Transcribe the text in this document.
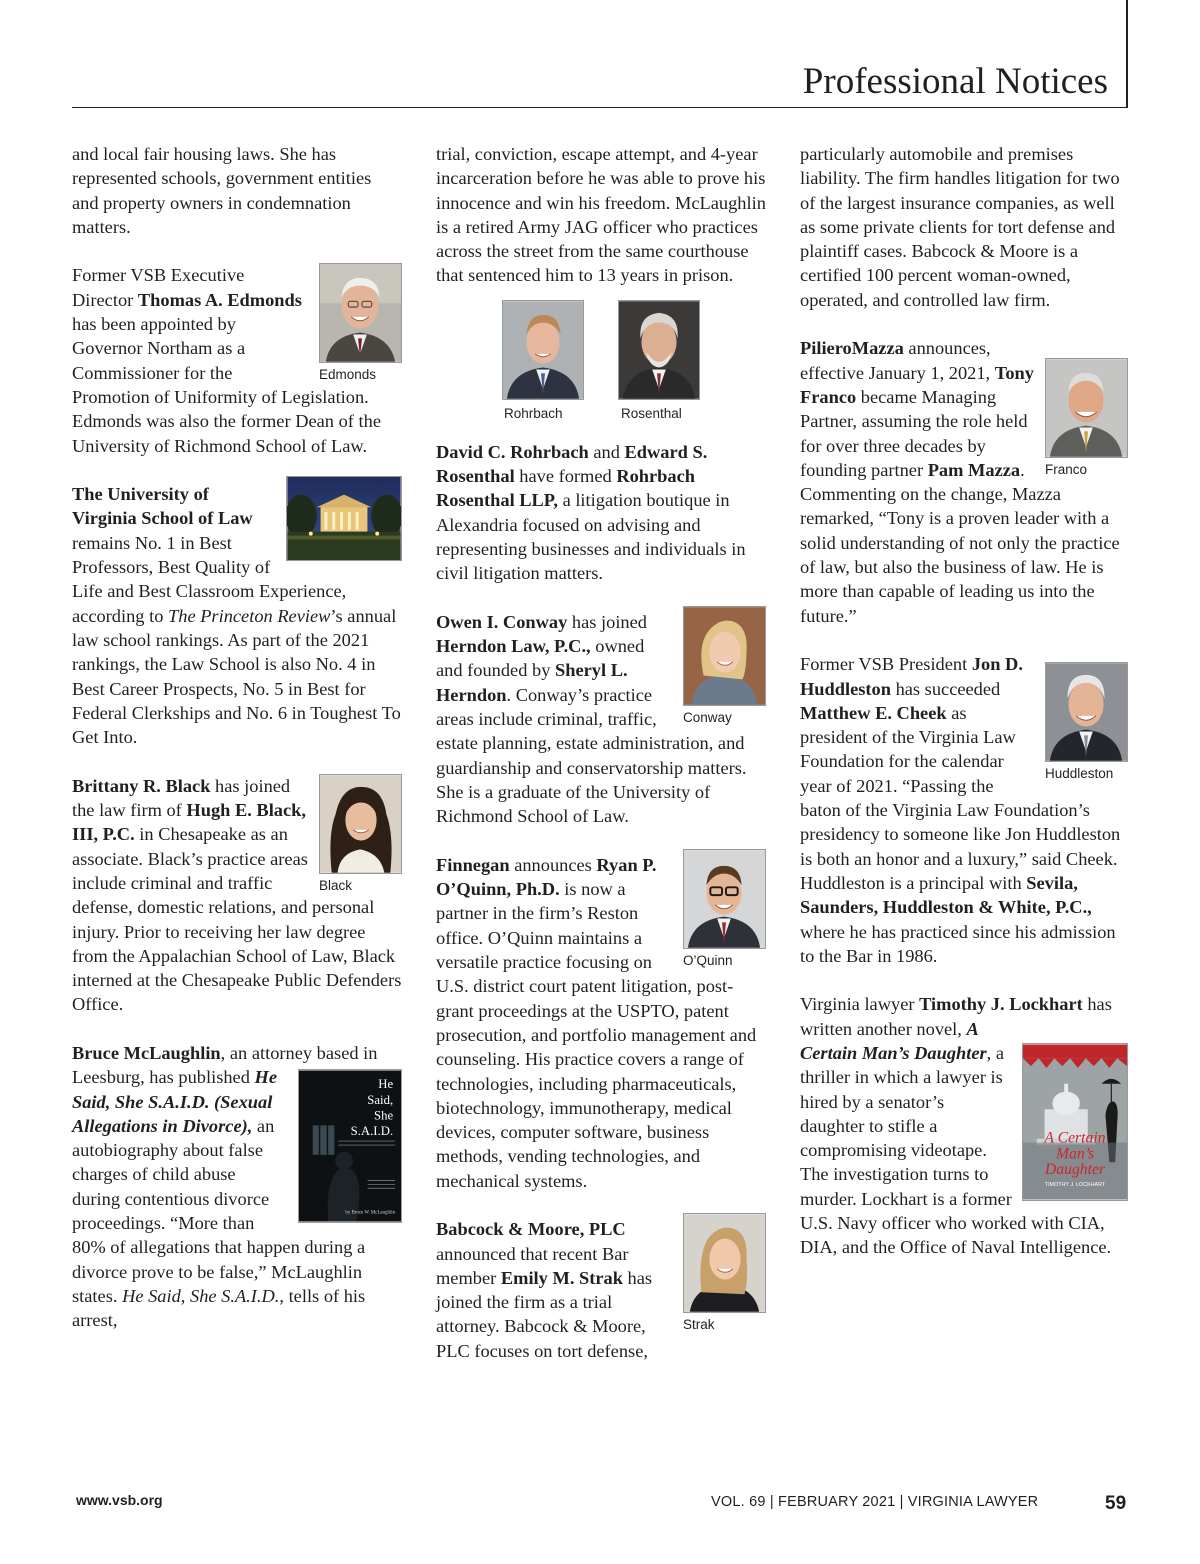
Professional Notices

and local fair housing laws. She has represented schools, government entities and property owners in condemnation matters.

Edmonds
Former VSB Executive Director Thomas A. Edmonds has been appointed by Governor Northam as a Commissioner for the Promotion of Uniformity of Legislation. Edmonds was also the former Dean of the University of Richmond School of Law.

The University of Virginia School of Law remains No. 1 in Best Professors, Best Quality of Life and Best Classroom Experience, according to The Princeton Review’s annual law school rankings. As part of the 2021 rankings, the Law School is also No. 4 in Best Career Prospects, No. 5 in Best for Federal Clerkships and No. 6 in Toughest To Get Into.

Black
Brittany R. Black has joined the law firm of Hugh E. Black, III, P.C. in Chesapeake as an associate. Black’s practice areas include criminal and traffic defense, domestic relations, and personal injury. Prior to receiving her law degree from the Appalachian School of Law, Black interned at the Chesapeake Public Defenders Office.

Bruce McLaughlin, an attorney based in Leesburg, has published	He
Said,
She
S.A.I.D.
by Bruce W. McLaughlin
He Said, She S.A.I.D. (Sexual Allegations in Divorce), an autobiography about false charges of child abuse during contentious divorce proceedings. “More than 80% of allegations that happen during a divorce prove to be false,” McLaughlin states. He Said, She S.A.I.D., tells of his arrest,

trial, conviction, escape attempt, and 4-year incarceration before he was able to prove his innocence and win his freedom. McLaughlin is a retired Army JAG officer who practices across the street from the same courthouse that sentenced him to 13 years in prison.

Rohrbach	Rosenthal

David C. Rohrbach and Edward S. Rosenthal have formed Rohrbach Rosenthal LLP, a litigation boutique in Alexandria focused on advising and representing businesses and individuals in civil litigation matters.

Conway
Owen I. Conway has joined Herndon Law, P.C., owned and founded by Sheryl L. Herndon. Conway’s practice areas include criminal, traffic, estate planning, estate administration, and guardianship and conservatorship matters. She is a graduate of the University of Richmond School of Law.

O’Quinn
Finnegan announces Ryan P. O’Quinn, Ph.D. is now a partner in the firm’s Reston office. O’Quinn maintains a versatile practice focusing on U.S. district court patent litigation, post-grant proceedings at the USPTO, patent prosecution, and portfolio management and counseling. His practice covers a range of technologies, including pharmaceuticals, biotechnology, immunotherapy, medical devices, computer software, business methods, vending technologies, and mechanical systems.

Strak
Babcock & Moore, PLC announced that recent Bar member Emily M. Strak has joined the firm as a trial attorney. Babcock & Moore, PLC focuses on tort defense,

particularly automobile and premises liability. The firm handles litigation for two of the largest insurance companies, as well as some private clients for tort defense and plaintiff cases. Babcock & Moore is a certified 100 percent woman-owned, operated, and controlled law firm.

Franco
PilieroMazza announces, effective January 1, 2021, Tony Franco became Managing Partner, assuming the role held for over three decades by founding partner Pam Mazza. Commenting on the change, Mazza remarked, “Tony is a proven leader with a solid understanding of not only the practice of law, but also the business of law. He is more than capable of leading us into the future.”

Huddleston
Former VSB President Jon D. Huddleston has succeeded Matthew E. Cheek as president of the Virginia Law Foundation for the calendar year of 2021. “Passing the baton of the Virginia Law Foundation’s presidency to someone like Jon Huddleston is both an honor and a luxury,” said Cheek. Huddleston is a principal with Sevila, Saunders, Huddleston & White, P.C., where he has practiced since his admission to the Bar in 1986.

Virginia lawyer Timothy J. Lockhart has written another novel,
A Certain
Man’s
Daughter
TIMOTHY J. LOCKHART
A Certain Man’s Daughter, a thriller in which a lawyer is hired by a senator’s daughter to stifle a compromising videotape. The investigation turns to murder. Lockhart is a former U.S. Navy officer who worked with CIA, DIA, and the Office of Naval Intelligence.

www.vsb.org	VOL. 69 | FEBRUARY 2021 | VIRGINIA LAWYER	59
